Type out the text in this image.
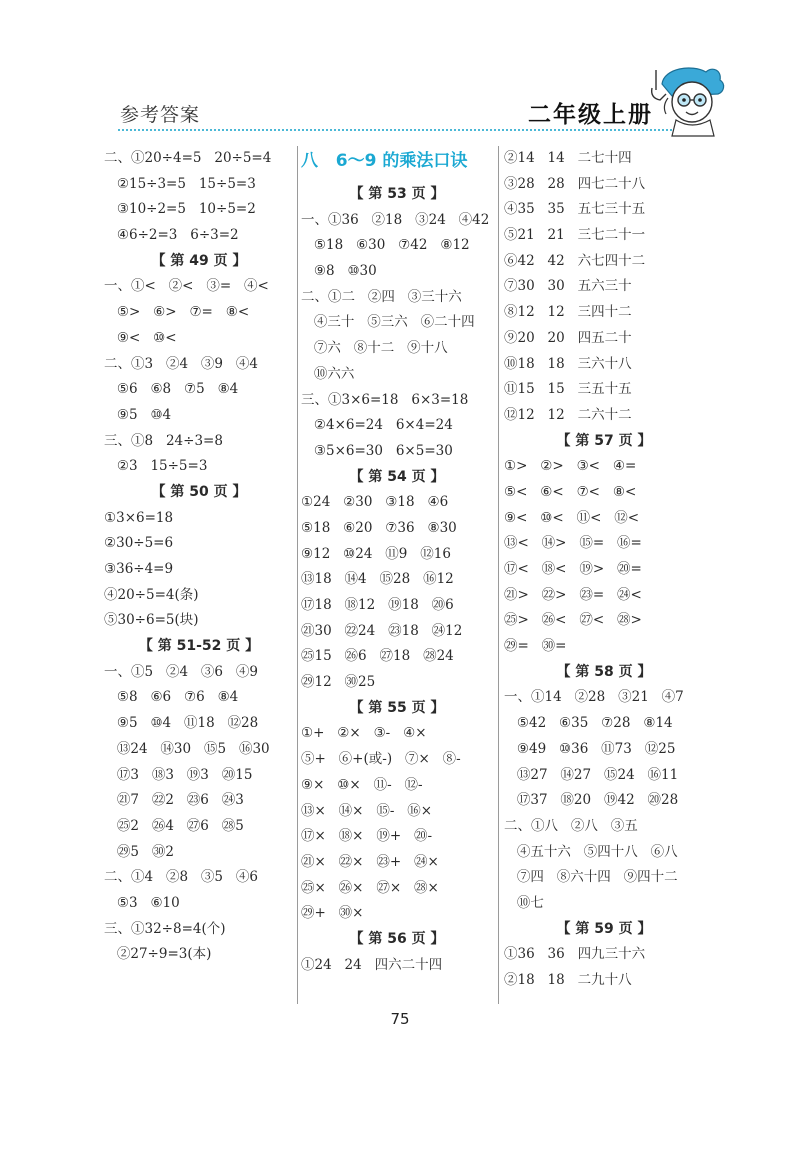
参考答案	二年级上册
二、①20÷4=5   20÷5=4
②15÷3=5   15÷5=3
③10÷2=5   10÷5=2
④6÷2=3   6÷3=2
【 第 49 页 】
一、①<   ②<   ③=   ④<
⑤>   ⑥>   ⑦=   ⑧<
⑨<   ⑩<
二、①3   ②4   ③9   ④4
⑤6   ⑥8   ⑦5   ⑧4
⑨5   ⑩4
三、①8   24÷3=8
②3   15÷5=3
【 第 50 页 】
①3×6=18
②30÷5=6
③36÷4=9
④20÷5=4(条)
⑤30÷6=5(块)
【 第 51-52 页 】
一、①5   ②4   ③6   ④9
⑤8   ⑥6   ⑦6   ⑧4
⑨5   ⑩4   ⑪18   ⑫28
⑬24   ⑭30   ⑮5   ⑯30
⑰3   ⑱3   ⑲3   ⑳15
㉑7   ㉒2   ㉓6   ㉔3
㉕2   ㉖4   ㉗6   ㉘5
㉙5   ㉚2
二、①4   ②8   ③5   ④6
⑤3   ⑥10
三、①32÷8=4(个)
②27÷9=3(本)
八   6～9 的乘法口诀
【 第 53 页 】
一、①36   ②18   ③24   ④42
⑤18   ⑥30   ⑦42   ⑧12
⑨8   ⑩30
二、①二   ②四   ③三十六
④三十   ⑤三六   ⑥二十四
⑦六   ⑧十二   ⑨十八
⑩六六
三、①3×6=18   6×3=18
②4×6=24   6×4=24
③5×6=30   6×5=30
【 第 54 页 】
①24   ②30   ③18   ④6
⑤18   ⑥20   ⑦36   ⑧30
⑨12   ⑩24   ⑪9   ⑫16
⑬18   ⑭4   ⑮28   ⑯12
⑰18   ⑱12   ⑲18   ⑳6
㉑30   ㉒24   ㉓18   ㉔12
㉕15   ㉖6   ㉗18   ㉘24
㉙12   ㉚25
【 第 55 页 】
①+   ②×   ③-   ④×
⑤+   ⑥+(或-)   ⑦×   ⑧-
⑨×   ⑩×   ⑪-   ⑫-
⑬×   ⑭×   ⑮-   ⑯×
⑰×   ⑱×   ⑲+   ⑳-
㉑×   ㉒×   ㉓+   ㉔×
㉕×   ㉖×   ㉗×   ㉘×
㉙+   ㉚×
【 第 56 页 】
①24   24   四六二十四
②14   14   二七十四
③28   28   四七二十八
④35   35   五七三十五
⑤21   21   三七二十一
⑥42   42   六七四十二
⑦30   30   五六三十
⑧12   12   三四十二
⑨20   20   四五二十
⑩18   18   三六十八
⑪15   15   三五十五
⑫12   12   二六十二
【 第 57 页 】
①>   ②>   ③<   ④=
⑤<   ⑥<   ⑦<   ⑧<
⑨<   ⑩<   ⑪<   ⑫<
⑬<   ⑭>   ⑮=   ⑯=
⑰<   ⑱<   ⑲>   ⑳=
㉑>   ㉒>   ㉓=   ㉔<
㉕>   ㉖<   ㉗<   ㉘>
㉙=   ㉚=
【 第 58 页 】
一、①14   ②28   ③21   ④7
⑤42   ⑥35   ⑦28   ⑧14
⑨49   ⑩36   ⑪73   ⑫25
⑬27   ⑭27   ⑮24   ⑯11
⑰37   ⑱20   ⑲42   ⑳28
二、①八   ②八   ③五
④五十六   ⑤四十八   ⑥八
⑦四   ⑧六十四   ⑨四十二
⑩七
【 第 59 页 】
①36   36   四九三十六
②18   18   二九十八
75
